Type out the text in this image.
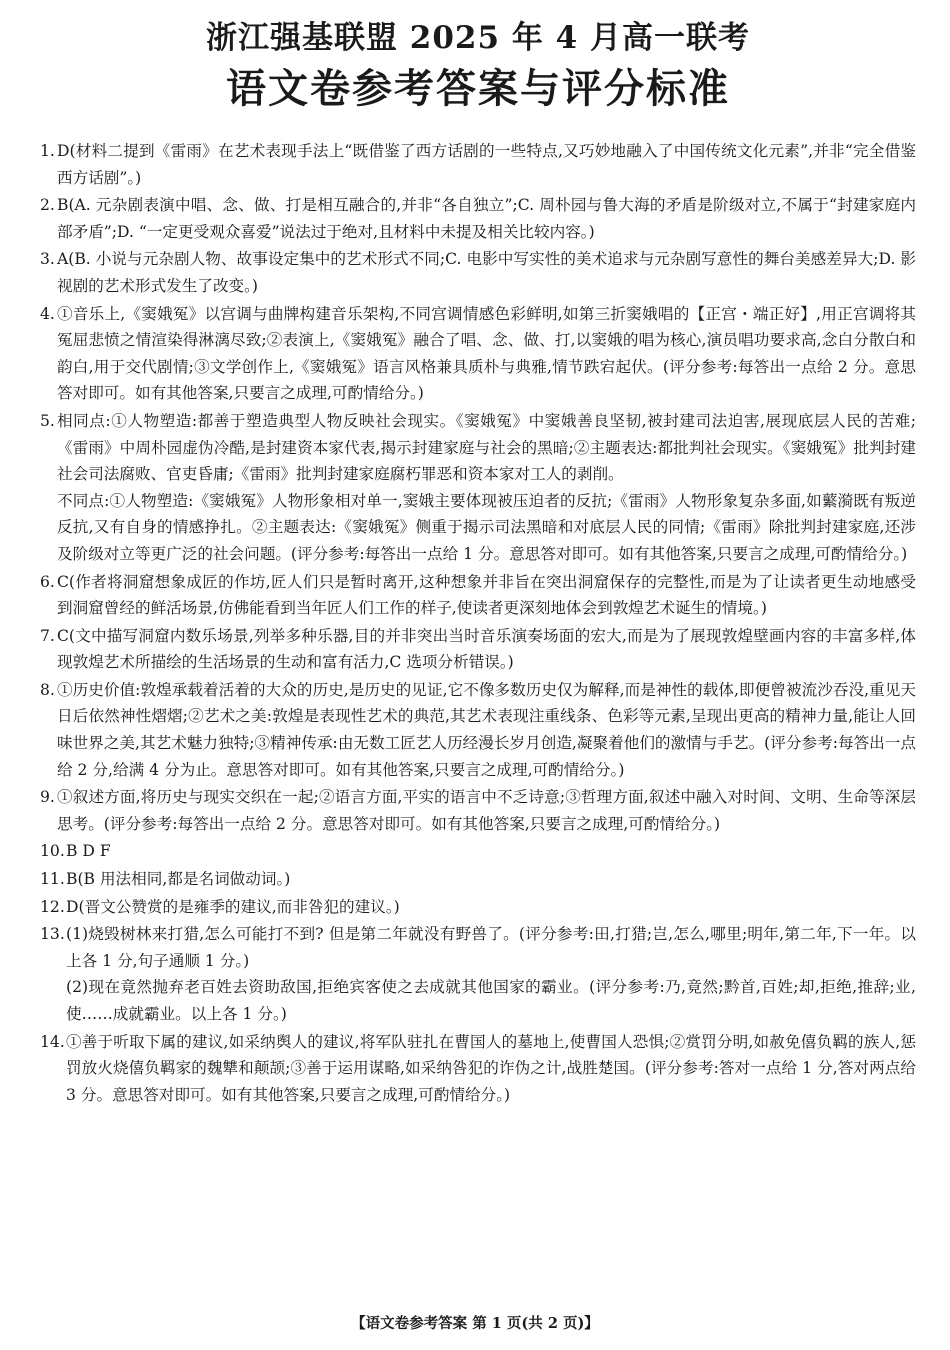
浙江强基联盟 2025 年 4 月高一联考
语文卷参考答案与评分标准
1. D(材料二提到《雷雨》在艺术表现手法上“既借鉴了西方话剧的一些特点,又巧妙地融入了中国传统文化元素”,并非“完全借鉴西方话剧”。)
2. B(A. 元杂剧表演中唱、念、做、打是相互融合的,并非“各自独立”;C. 周朴园与鲁大海的矛盾是阶级对立,不属于“封建家庭内部矛盾”;D. “一定更受观众喜爱”说法过于绝对,且材料中未提及相关比较内容。)
3. A(B. 小说与元杂剧人物、故事设定集中的艺术形式不同;C. 电影中写实性的美术追求与元杂剧写意性的舞台美感差异大;D. 影视剧的艺术形式发生了改变。)
4. ①音乐上,《窦娥冤》以宫调与曲牌构建音乐架构,不同宫调情感色彩鲜明,如第三折窦娥唱的【正宫・端正好】,用正宫调将其冤屈悲愤之情渲染得淋漓尽致;②表演上,《窦娥冤》融合了唱、念、做、打,以窦娥的唱为核心,演员唱功要求高,念白分散白和韵白,用于交代剧情;③文学创作上,《窦娥冤》语言风格兼具质朴与典雅,情节跌宕起伏。(评分参考:每答出一点给 2 分。意思答对即可。如有其他答案,只要言之成理,可酌情给分。)
5. 相同点:①人物塑造:都善于塑造典型人物反映社会现实。《窦娥冤》中窦娥善良坚韧,被封建司法迫害,展现底层人民的苦难;《雷雨》中周朴园虚伪冷酷,是封建资本家代表,揭示封建家庭与社会的黑暗;②主题表达:都批判社会现实。《窦娥冤》批判封建社会司法腐败、官吏昏庸;《雷雨》批判封建家庭腐朽罪恶和资本家对工人的剥削。
不同点:①人物塑造:《窦娥冤》人物形象相对单一,窦娥主要体现被压迫者的反抗;《雷雨》人物形象复杂多面,如蘩漪既有叛逆反抗,又有自身的情感挣扎。②主题表达:《窦娥冤》侧重于揭示司法黑暗和对底层人民的同情;《雷雨》除批判封建家庭,还涉及阶级对立等更广泛的社会问题。(评分参考:每答出一点给 1 分。意思答对即可。如有其他答案,只要言之成理,可酌情给分。)
6. C(作者将洞窟想象成匠的作坊,匠人们只是暂时离开,这种想象并非旨在突出洞窟保存的完整性,而是为了让读者更生动地感受到洞窟曾经的鲜活场景,仿佛能看到当年匠人们工作的样子,使读者更深刻地体会到敦煌艺术诞生的情境。)
7. C(文中描写洞窟内数乐场景,列举多种乐器,目的并非突出当时音乐演奏场面的宏大,而是为了展现敦煌壁画内容的丰富多样,体现敦煌艺术所描绘的生活场景的生动和富有活力,C 选项分析错误。)
8. ①历史价值:敦煌承载着活着的大众的历史,是历史的见证,它不像多数历史仅为解释,而是神性的载体,即便曾被流沙吞没,重见天日后依然神性熠熠;②艺术之美:敦煌是表现性艺术的典范,其艺术表现注重线条、色彩等元素,呈现出更高的精神力量,能让人回味世界之美,其艺术魅力独特;③精神传承:由无数工匠艺人历经漫长岁月创造,凝聚着他们的激情与手艺。(评分参考:每答出一点给 2 分,给满 4 分为止。意思答对即可。如有其他答案,只要言之成理,可酌情给分。)
9. ①叙述方面,将历史与现实交织在一起;②语言方面,平实的语言中不乏诗意;③哲理方面,叙述中融入对时间、文明、生命等深层思考。(评分参考:每答出一点给 2 分。意思答对即可。如有其他答案,只要言之成理,可酌情给分。)
10. B D F
11. B(B 用法相同,都是名词做动词。)
12. D(晋文公赞赏的是雍季的建议,而非咎犯的建议。)
13. (1)烧毁树林来打猎,怎么可能打不到? 但是第二年就没有野兽了。(评分参考:田,打猎;岂,怎么,哪里;明年,第二年,下一年。以上各 1 分,句子通顺 1 分。)
(2)现在竟然抛弃老百姓去资助敌国,拒绝宾客使之去成就其他国家的霸业。(评分参考:乃,竟然;黔首,百姓;却,拒绝,推辞;业,使……成就霸业。以上各 1 分。)
14. ①善于听取下属的建议,如采纳舆人的建议,将军队驻扎在曹国人的墓地上,使曹国人恐惧;②赏罚分明,如赦免僖负羁的族人,惩罚放火烧僖负羁家的魏犨和颠颉;③善于运用谋略,如采纳咎犯的诈伪之计,战胜楚国。(评分参考:答对一点给 1 分,答对两点给 3 分。意思答对即可。如有其他答案,只要言之成理,可酌情给分。)
【语文卷参考答案 第 1 页(共 2 页)】
